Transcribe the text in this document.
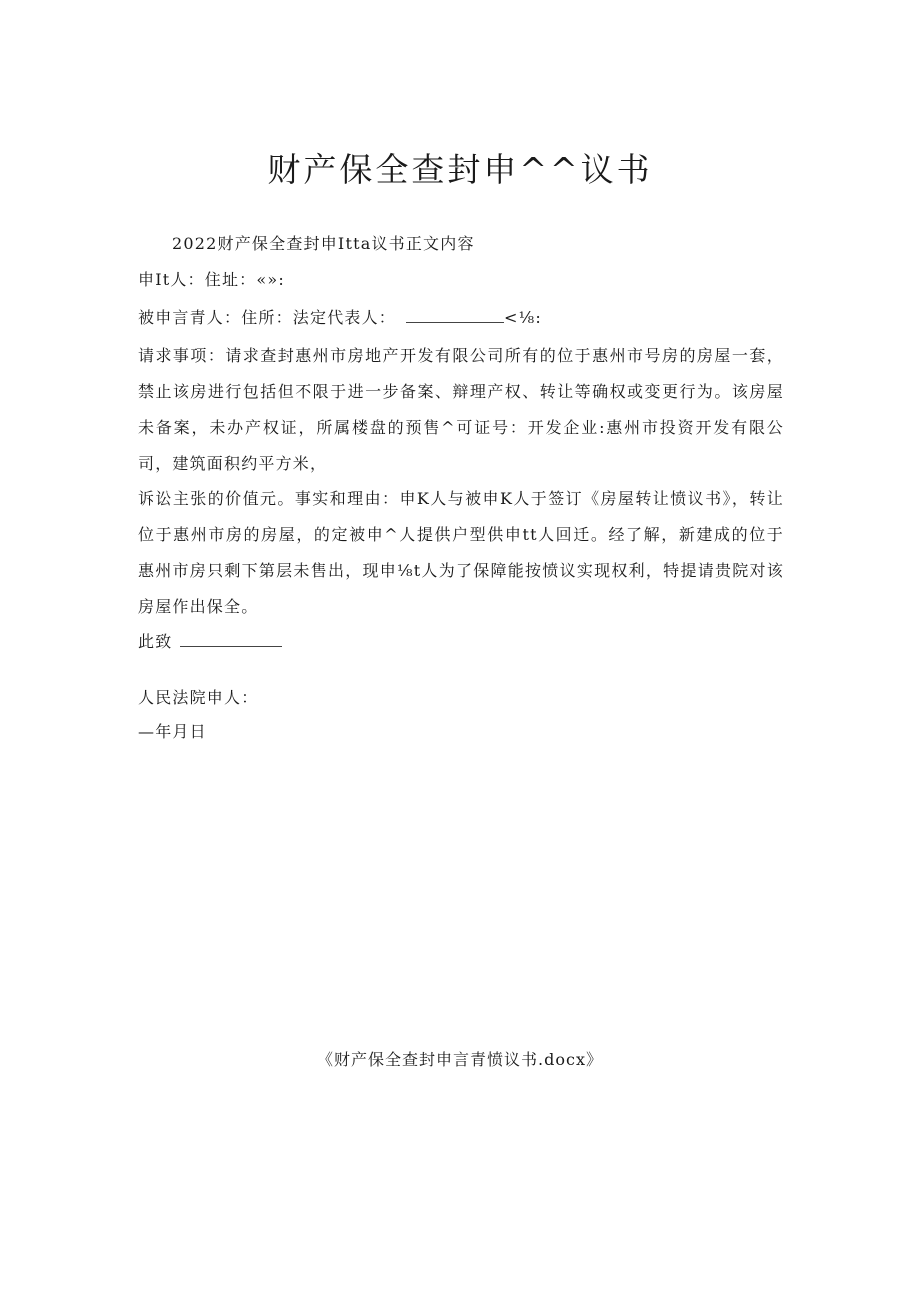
财产保全查封申^^议书
2022财产保全查封申Itta议书正文内容
申It人：住址：«»:
被申言青人：住所：法定代表人：	<⅛:
请求事项：请求查封惠州市房地产开发有限公司所有的位于惠州市号房的房屋一套，禁止该房进行包括但不限于进一步备案、辩理产权、转让等确权或变更行为。该房屋未备案，未办产权证，所属楼盘的预售^可证号：开发企业:惠州市投资开发有限公司，建筑面积约平方米，
诉讼主张的价值元。事实和理由：申K人与被申K人于签订《房屋转让愤议书》，转让位于惠州市房的房屋，的定被申^人提供户型供申tt人回迁。经了解，新建成的位于惠州市房只剩下第层未售出，现申⅛t人为了保障能按愤议实现权利，特提请贵院对该房屋作出保全。
此致
人民法院申人：
—年月日
《财产保全查封申言青愤议书.docx》
